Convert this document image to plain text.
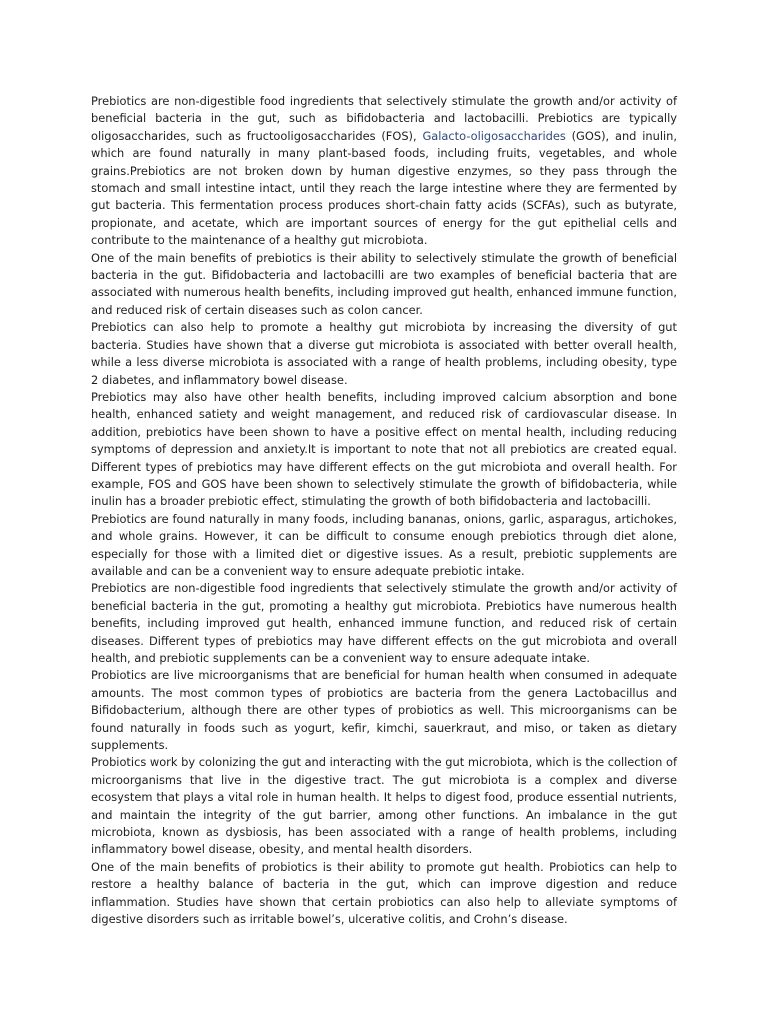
Prebiotics are non-digestible food ingredients that selectively stimulate the growth and/or activity of beneficial bacteria in the gut, such as bifidobacteria and lactobacilli. Prebiotics are typically oligosaccharides, such as fructooligosaccharides (FOS), Galacto-oligosaccharides (GOS), and inulin, which are found naturally in many plant-based foods, including fruits, vegetables, and whole grains.Prebiotics are not broken down by human digestive enzymes, so they pass through the stomach and small intestine intact, until they reach the large intestine where they are fermented by gut bacteria. This fermentation process produces short-chain fatty acids (SCFAs), such as butyrate, propionate, and acetate, which are important sources of energy for the gut epithelial cells and contribute to the maintenance of a healthy gut microbiota.

One of the main benefits of prebiotics is their ability to selectively stimulate the growth of beneficial bacteria in the gut. Bifidobacteria and lactobacilli are two examples of beneficial bacteria that are associated with numerous health benefits, including improved gut health, enhanced immune function, and reduced risk of certain diseases such as colon cancer.

Prebiotics can also help to promote a healthy gut microbiota by increasing the diversity of gut bacteria. Studies have shown that a diverse gut microbiota is associated with better overall health, while a less diverse microbiota is associated with a range of health problems, including obesity, type 2 diabetes, and inflammatory bowel disease.

Prebiotics may also have other health benefits, including improved calcium absorption and bone health, enhanced satiety and weight management, and reduced risk of cardiovascular disease. In addition, prebiotics have been shown to have a positive effect on mental health, including reducing symptoms of depression and anxiety.It is important to note that not all prebiotics are created equal. Different types of prebiotics may have different effects on the gut microbiota and overall health. For example, FOS and GOS have been shown to selectively stimulate the growth of bifidobacteria, while inulin has a broader prebiotic effect, stimulating the growth of both bifidobacteria and lactobacilli.

Prebiotics are found naturally in many foods, including bananas, onions, garlic, asparagus, artichokes, and whole grains. However, it can be difficult to consume enough prebiotics through diet alone, especially for those with a limited diet or digestive issues. As a result, prebiotic supplements are available and can be a convenient way to ensure adequate prebiotic intake.

Prebiotics are non-digestible food ingredients that selectively stimulate the growth and/or activity of beneficial bacteria in the gut, promoting a healthy gut microbiota. Prebiotics have numerous health benefits, including improved gut health, enhanced immune function, and reduced risk of certain diseases. Different types of prebiotics may have different effects on the gut microbiota and overall health, and prebiotic supplements can be a convenient way to ensure adequate intake.

Probiotics are live microorganisms that are beneficial for human health when consumed in adequate amounts. The most common types of probiotics are bacteria from the genera Lactobacillus and Bifidobacterium, although there are other types of probiotics as well. This microorganisms can be found naturally in foods such as yogurt, kefir, kimchi, sauerkraut, and miso, or taken as dietary supplements.

Probiotics work by colonizing the gut and interacting with the gut microbiota, which is the collection of microorganisms that live in the digestive tract. The gut microbiota is a complex and diverse ecosystem that plays a vital role in human health. It helps to digest food, produce essential nutrients, and maintain the integrity of the gut barrier, among other functions. An imbalance in the gut microbiota, known as dysbiosis, has been associated with a range of health problems, including inflammatory bowel disease, obesity, and mental health disorders.

One of the main benefits of probiotics is their ability to promote gut health. Probiotics can help to restore a healthy balance of bacteria in the gut, which can improve digestion and reduce inflammation. Studies have shown that certain probiotics can also help to alleviate symptoms of digestive disorders such as irritable bowel’s, ulcerative colitis, and Crohn’s disease.
